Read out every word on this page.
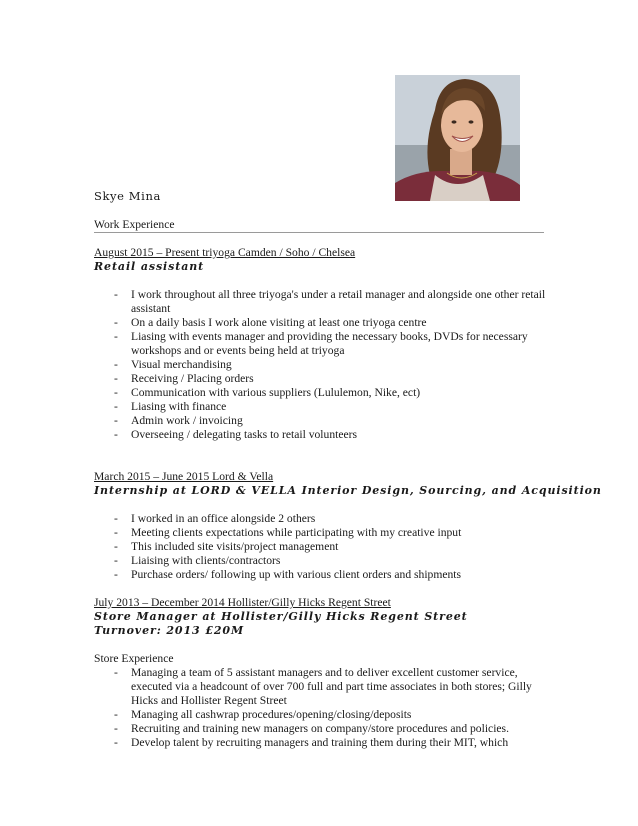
Skye Mina
Work Experience
August 2015 – Present triyoga Camden / Soho / Chelsea
Retail assistant
- I work throughout all three triyoga's under a retail manager and alongside one other retail assistant
- On a daily basis I work alone visiting at least one triyoga centre
- Liasing with events manager and providing the necessary books, DVDs for necessary workshops and or events being held at triyoga
- Visual merchandising
- Receiving / Placing orders
- Communication with various suppliers (Lululemon, Nike, ect)
- Liasing with finance
- Admin work / invoicing
- Overseeing / delegating tasks to retail volunteers
March 2015 – June 2015 Lord & Vella
Internship at LORD & VELLA Interior Design, Sourcing, and Acquisition
- I worked in an office alongside 2 others
- Meeting clients expectations while participating with my creative input
- This included site visits/project management
- Liaising with clients/contractors
- Purchase orders/ following up with various client orders and shipments
July 2013 – December 2014 Hollister/Gilly Hicks Regent Street
Store Manager at Hollister/Gilly Hicks Regent Street
Turnover: 2013 £20M
Store Experience
- Managing a team of 5 assistant managers and to deliver excellent customer service, executed via a headcount of over 700 full and part time associates in both stores; Gilly Hicks and Hollister Regent Street
- Managing all cashwrap procedures/opening/closing/deposits
- Recruiting and training new managers on company/store procedures and policies.
- Develop talent by recruiting managers and training them during their MIT, which
